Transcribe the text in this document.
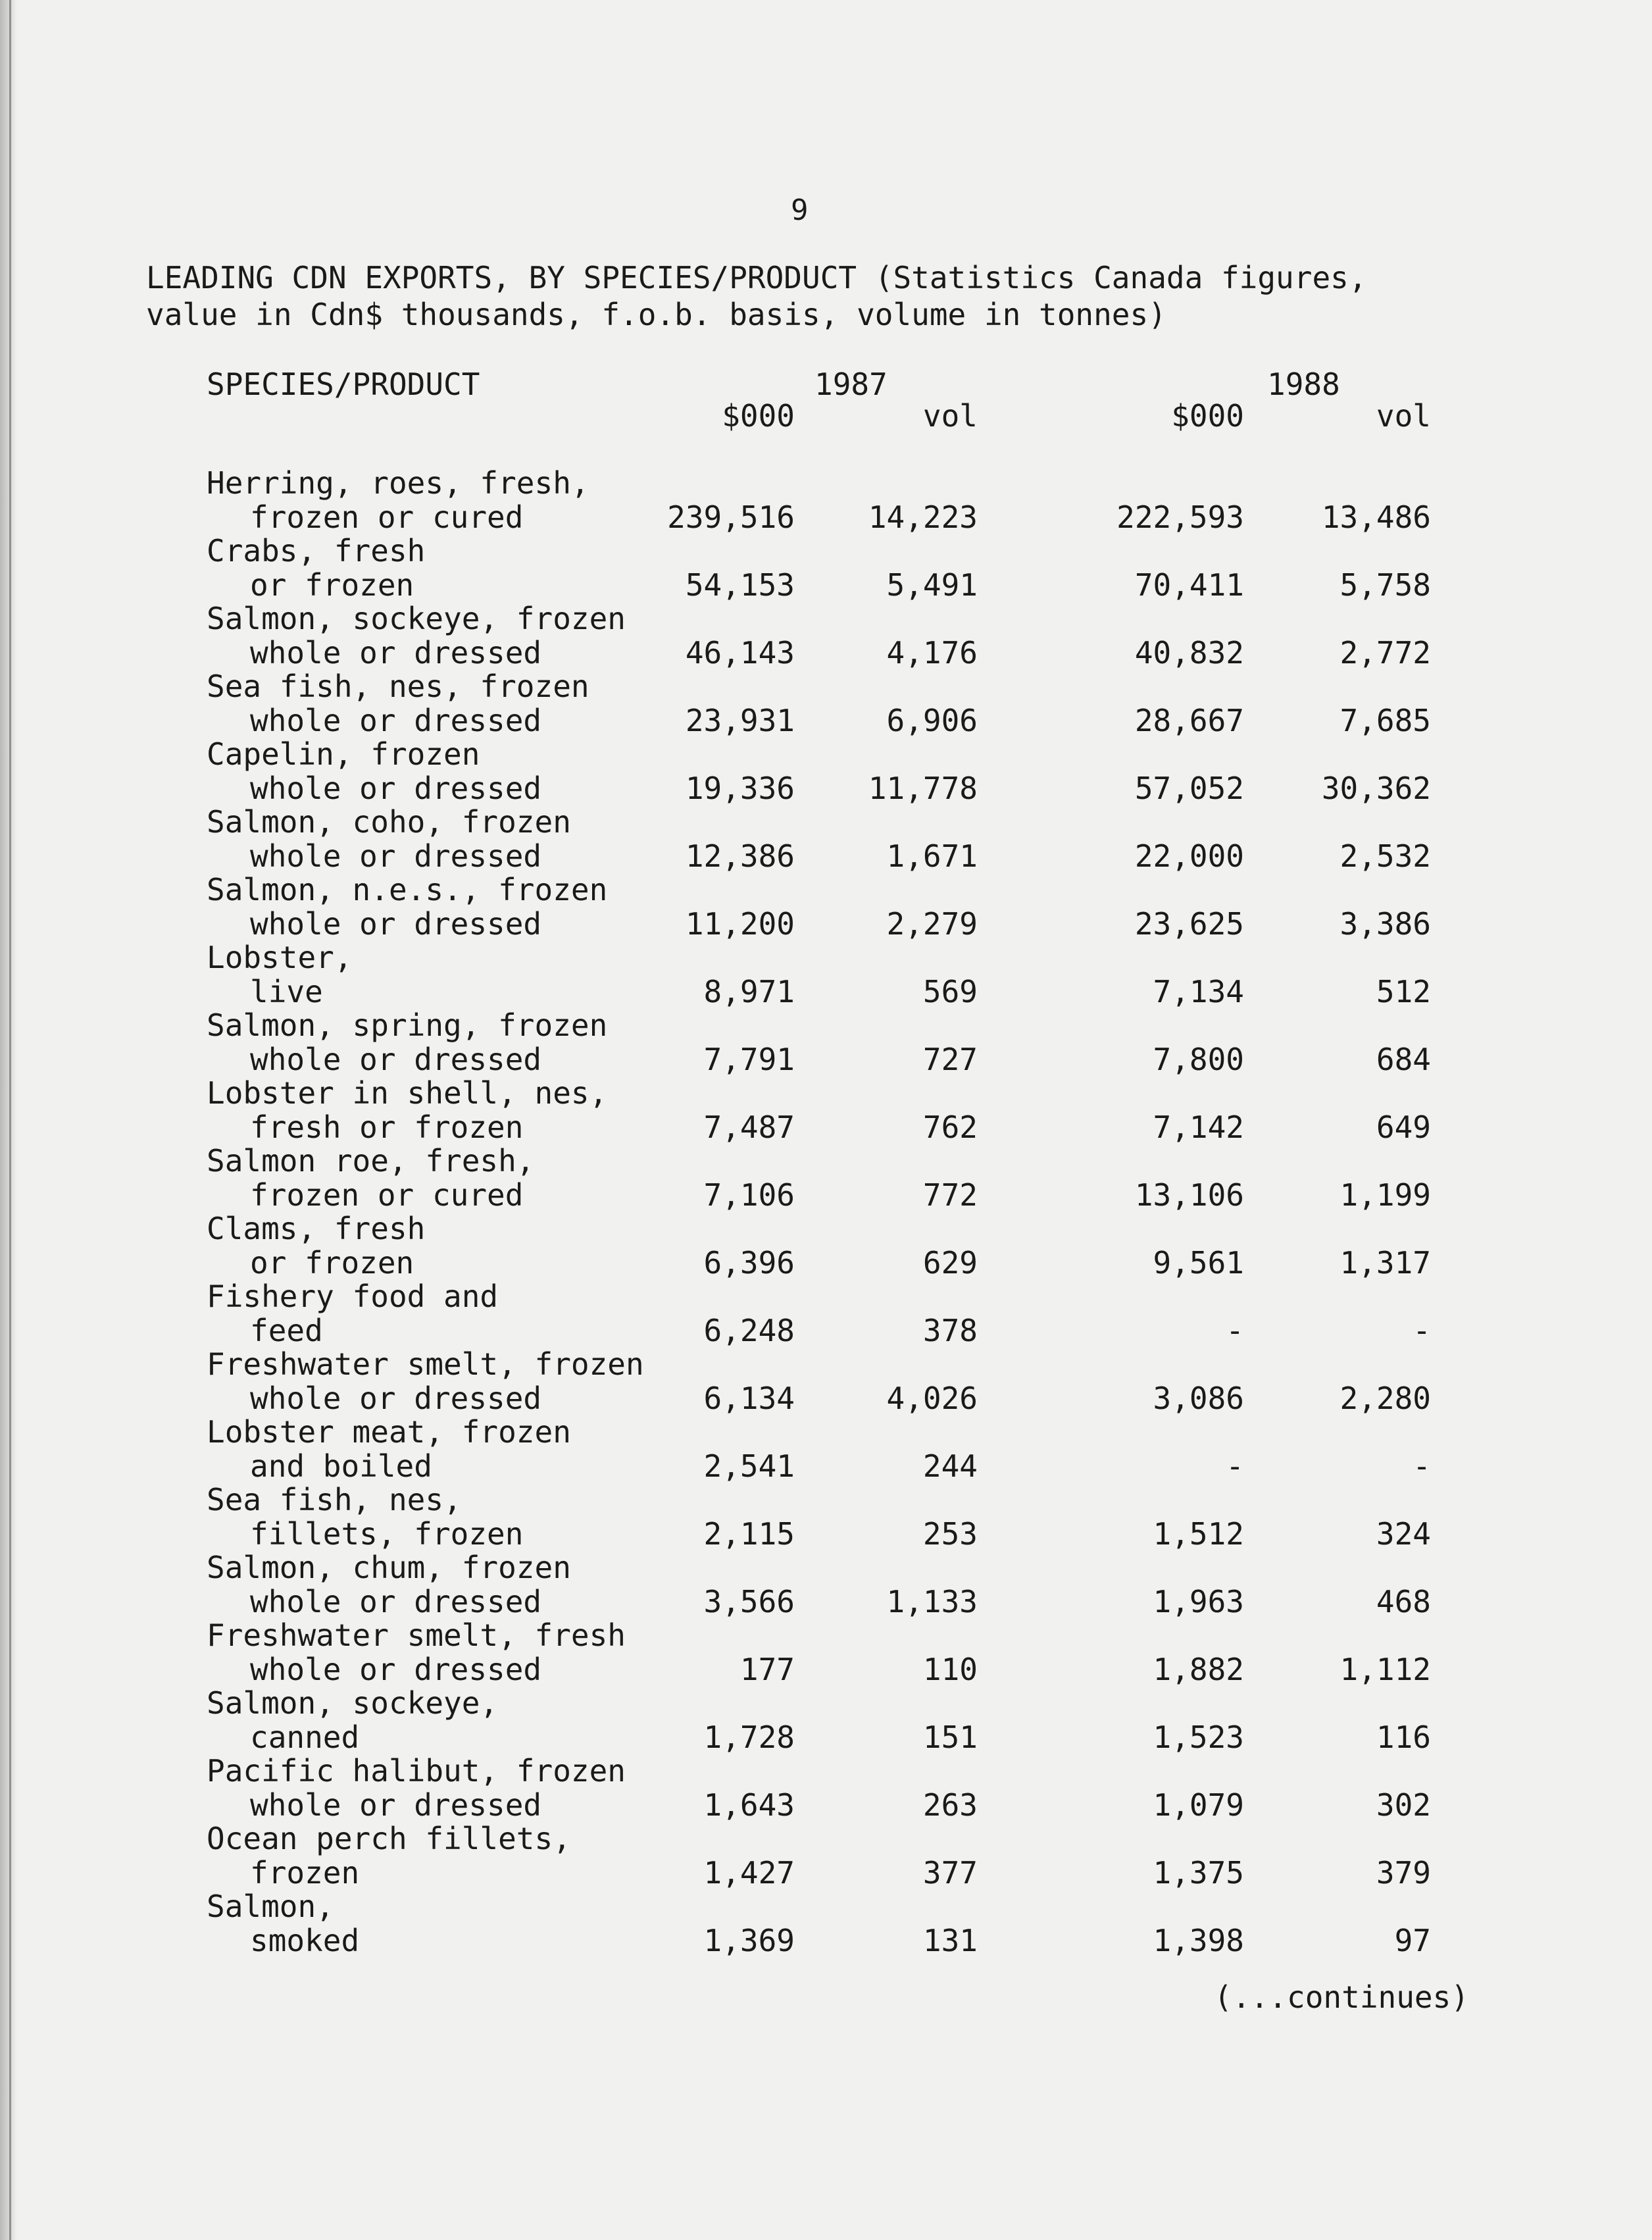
9
LEADING CDN EXPORTS, BY SPECIES/PRODUCT (Statistics Canada figures,
value in Cdn$ thousands, f.o.b. basis, volume in tonnes)
SPECIES/PRODUCT	1987	1988
$000	vol	$000	vol
Herring, roes, fresh,
frozen or cured	239,516 14,223	222,593	13,486
Crabs, fresh
or frozen	54,153	5,491	70,411	5,758
Salmon, sockeye, frozen
whole or dressed	46,143	4,176	40,832	2,772
Sea fish, nes, frozen
whole or dressed	23,931	6,906	28,667	7,685
Capelin, frozen
whole or dressed	19,336 11,778	57,052	30,362
Salmon, coho, frozen
whole or dressed	12,386	1,671	22,000	2,532
Salmon, n.e.s., frozen
whole or dressed	11,200	2,279	23,625	3,386
Lobster,
live	8,971	569	7,134	512
Salmon, spring, frozen
whole or dressed	7,791	727	7,800	684
Lobster in shell, nes,
fresh or frozen	7,487	762	7,142	649
Salmon roe, fresh,
frozen or cured	7,106	772	13,106	1,199
Clams, fresh
or frozen	6,396	629	9,561	1,317
Fishery food and
feed	6,248	378	-	-
Freshwater smelt, frozen
whole or dressed	6,134	4,026	3,086	2,280
Lobster meat, frozen
and boiled	2,541	244	-	-
Sea fish, nes,
fillets, frozen	2,115	253	1,512	324
Salmon, chum, frozen
whole or dressed	3,566	1,133	1,963	468
Freshwater smelt, fresh
whole or dressed	177	110	1,882	1,112
Salmon, sockeye,
canned	1,728	151	1,523	116
Pacific halibut, frozen
whole or dressed	1,643	263	1,079	302
Ocean perch fillets,
frozen	1,427	377	1,375	379
Salmon,
smoked	1,369	131	1,398	97
(...continues)
